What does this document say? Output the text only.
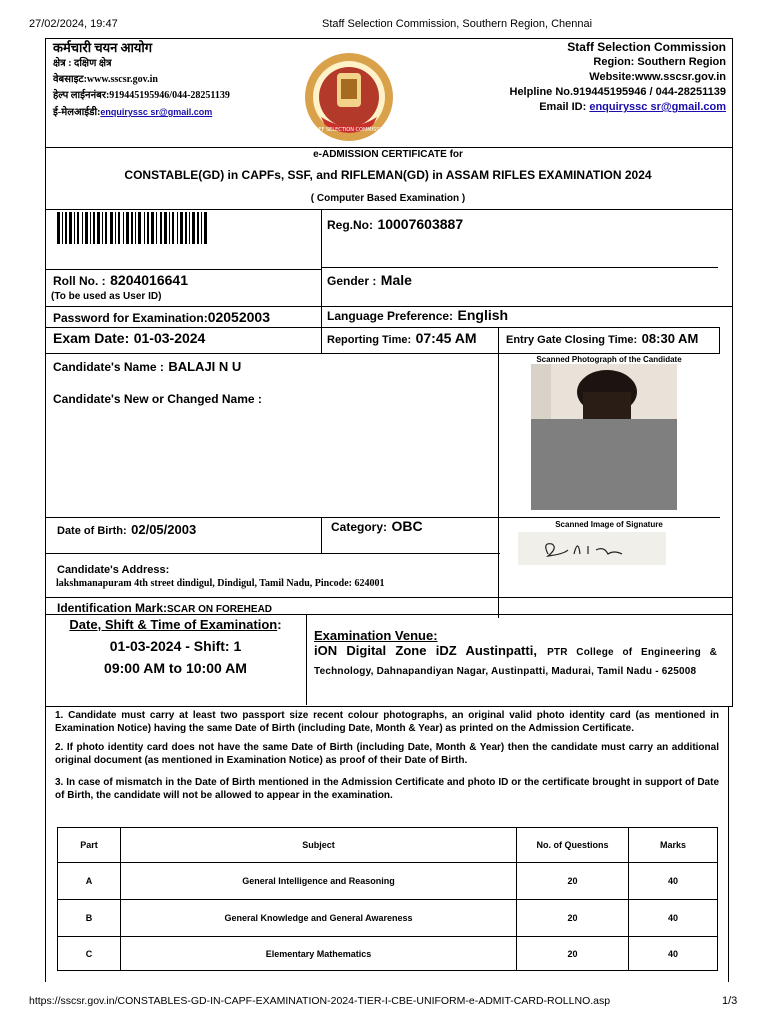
27/02/2024, 19:47	Staff Selection Commission, Southern Region, Chennai
कर्मचारी चयन आयोग
क्षेत्र : दक्षिण क्षेत्र
वेबसाइट:www.sscsr.gov.in
हेल्प लाईननंबर:919445195946/044-28251139
ई-मेलआईडी:enquiryssc sr@gmail.com
STAFF SELECTION COMMISSION
Staff Selection Commission
Region: Southern Region
Website:www.sscsr.gov.in
Helpline No.919445195946 / 044-28251139
Email ID: enquiryssc sr@gmail.com
e-ADMISSION CERTIFICATE for
CONSTABLE(GD) in CAPFs, SSF, and RIFLEMAN(GD) in ASSAM RIFLES EXAMINATION 2024
( Computer Based Examination )
Reg.No: 10007603887
Roll No. : 8204016641
(To be used as User ID)
Gender : Male
Password for Examination:02052003	Language Preference: English
Exam Date: 01-03-2024	Reporting Time: 07:45 AM	Entry Gate Closing Time: 08:30 AM
Candidate's Name : BALAJI N U
Candidate's New or Changed Name :
Scanned Photograph of the Candidate
Date of Birth: 02/05/2003	Category: OBC	Scanned Image of Signature
Candidate's Address:
lakshmanapuram 4th street dindigul, Dindigul, Tamil Nadu, Pincode: 624001
Identification Mark:SCAR ON FOREHEAD
Date, Shift & Time of Examination:
01-03-2024 - Shift: 1
09:00 AM to 10:00 AM
Examination Venue:
iON Digital Zone iDZ Austinpatti, PTR College of Engineering & Technology, Dahnapandiyan Nagar, Austinpatti, Madurai, Tamil Nadu - 625008
1. Candidate must carry at least two passport size recent colour photographs, an original valid photo identity card (as mentioned in Examination Notice) having the same Date of Birth (including Date, Month & Year) as printed on the Admission Certificate.
2. If photo identity card does not have the same Date of Birth (including Date, Month & Year) then the candidate must carry an additional original document (as mentioned in Examination Notice) as proof of their Date of Birth.
3. In case of mismatch in the Date of Birth mentioned in the Admission Certificate and photo ID or the certificate brought in support of Date of Birth, the candidate will not be allowed to appear in the examination.
Part	Subject	No. of Questions	Marks
A	General Intelligence and Reasoning	20	40
B	General Knowledge and General Awareness	20	40
C	Elementary Mathematics	20	40
https://sscsr.gov.in/CONSTABLES-GD-IN-CAPF-EXAMINATION-2024-TIER-I-CBE-UNIFORM-e-ADMIT-CARD-ROLLNO.asp	1/3
